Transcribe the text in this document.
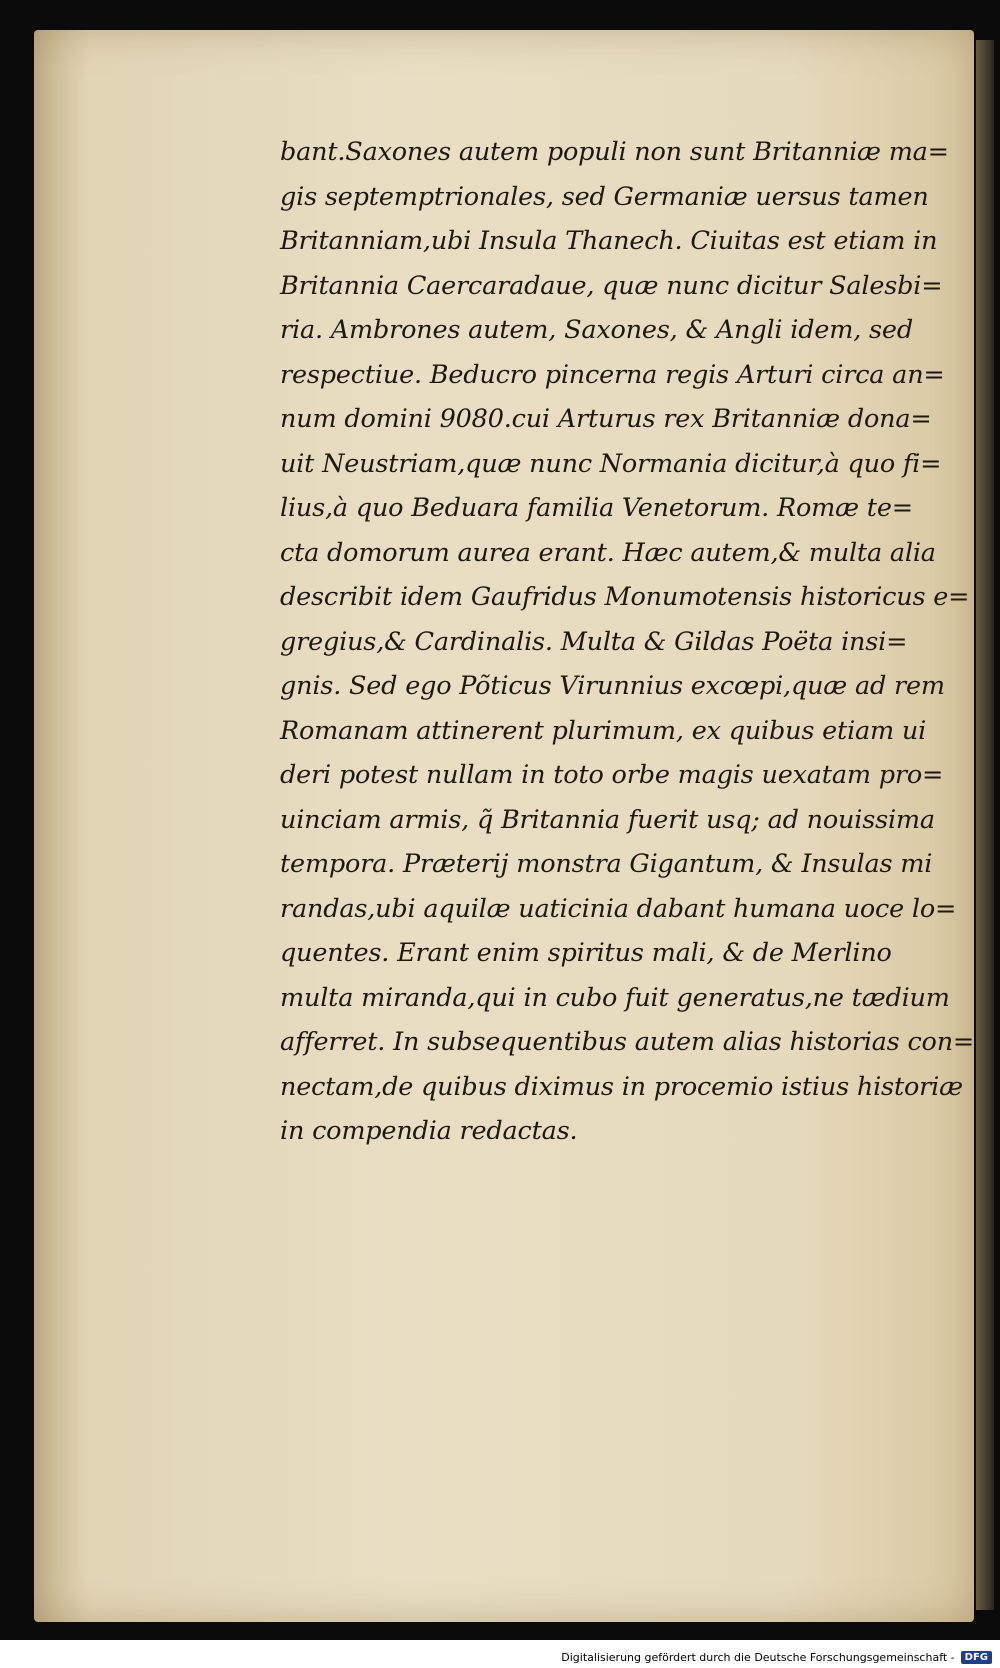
bant.Saxones autem populi non sunt Britanniæ ma=
gis septemptrionales, sed Germaniæ uersus tamen
Britanniam,ubi Insula Thanech. Ciuitas est etiam in
Britannia Caercaradaue, quæ nunc dicitur Salesbi=
ria. Ambrones autem, Saxones, & Angli idem, sed
respectiue. Beducro pincerna regis Arturi circa an=
num domini 9080.cui Arturus rex Britanniæ dona=
uit Neustriam,quæ nunc Normania dicitur,à quo fi=
lius,à quo Beduara familia Venetorum. Romæ te=
cta domorum aurea erant. Hæc autem,& multa alia
describit idem Gaufridus Monumotensis historicus e=
gregius,& Cardinalis. Multa & Gildas Poëta insi=
gnis. Sed ego Põticus Virunnius excœpi,quæ ad rem
Romanam attinerent plurimum, ex quibus etiam ui
deri potest nullam in toto orbe magis uexatam pro=
uinciam armis, q̃ Britannia fuerit usq; ad nouissima
tempora. Præterij monstra Gigantum, & Insulas mi
randas,ubi aquilæ uaticinia dabant humana uoce lo=
quentes. Erant enim spiritus mali, & de Merlino
multa miranda,qui in cubo fuit generatus,ne tædium
afferret. In subsequentibus autem alias historias con=
nectam,de quibus diximus in procemio istius historiæ
in compendia redactas.
Digitalisierung gefördert durch die Deutsche Forschungsgemeinschaft -	DFG
